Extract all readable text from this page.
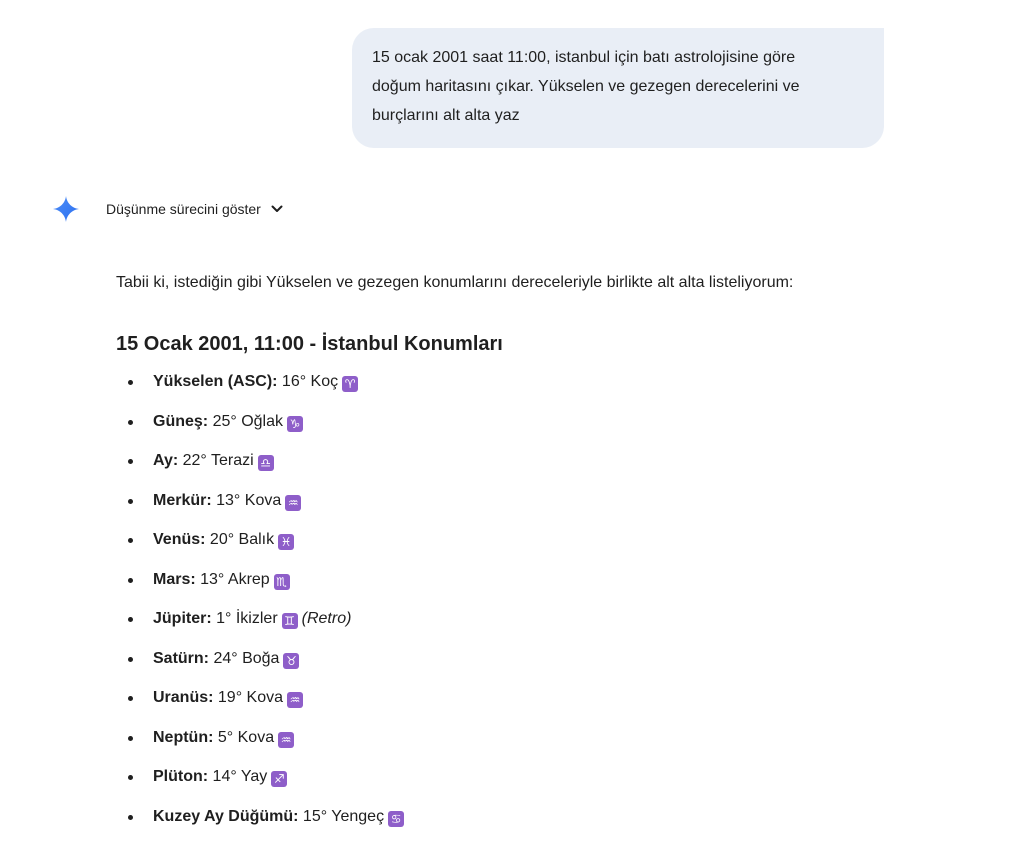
15 ocak 2001 saat 11:00, istanbul için batı astrolojisine göre
doğum haritasını çıkar. Yükselen ve gezegen derecelerini ve
burçlarını alt alta yaz
Düşünme sürecini göster
Tabii ki, istediğin gibi Yükselen ve gezegen konumlarını dereceleriyle birlikte alt alta listeliyorum:
15 Ocak 2001, 11:00 - İstanbul Konumları
Yükselen (ASC): 16° Koç ♈
Güneş: 25° Oğlak ♑
Ay: 22° Terazi ♎
Merkür: 13° Kova ♒
Venüs: 20° Balık ♓
Mars: 13° Akrep ♏
Jüpiter: 1° İkizler ♊ (Retro)
Satürn: 24° Boğa ♉
Uranüs: 19° Kova ♒
Neptün: 5° Kova ♒
Plüton: 14° Yay ♐
Kuzey Ay Düğümü: 15° Yengeç ♋
